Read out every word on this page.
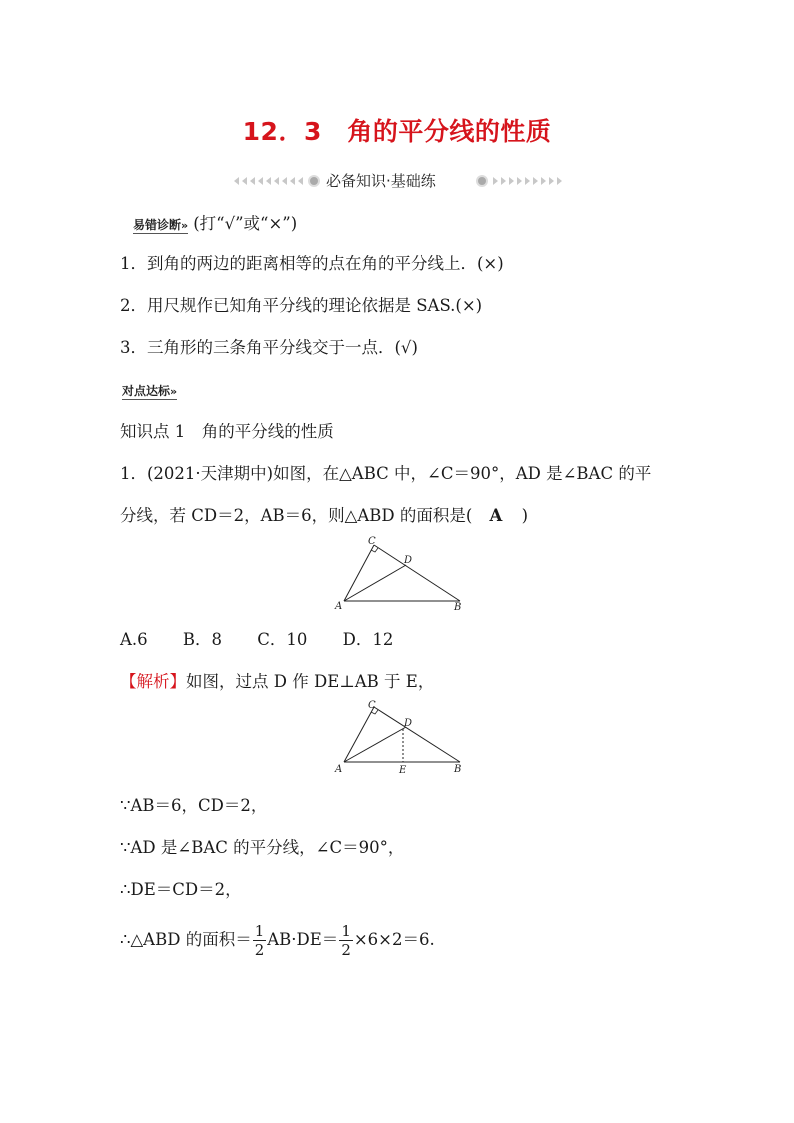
12．3　角的平分线的性质
必备知识·基础练
易错诊断» (打“√”或“×”)
1．到角的两边的距离相等的点在角的平分线上．(×)
2．用尺规作已知角平分线的理论依据是 SAS.(×)
3．三角形的三条角平分线交于一点．(√)
对点达标»
知识点 1　角的平分线的性质
1．(2021·天津期中)如图，在△ABC 中，∠C＝90°，AD 是∠BAC 的平
分线，若 CD＝2，AB＝6，则△ABD 的面积是( A )
C
D
A	B
A.6 B．8 C．10 D．12
【解析】如图，过点 D 作 DE⊥AB 于 E，
C
D
A	E	B
∵AB＝6，CD＝2，
∵AD 是∠BAC 的平分线，∠C＝90°，
∴DE＝CD＝2，
∴△ABD 的面积＝ $\frac{1}{2} AB\cdot DE= \frac{1}{2} \times 6\times 2=6$.
